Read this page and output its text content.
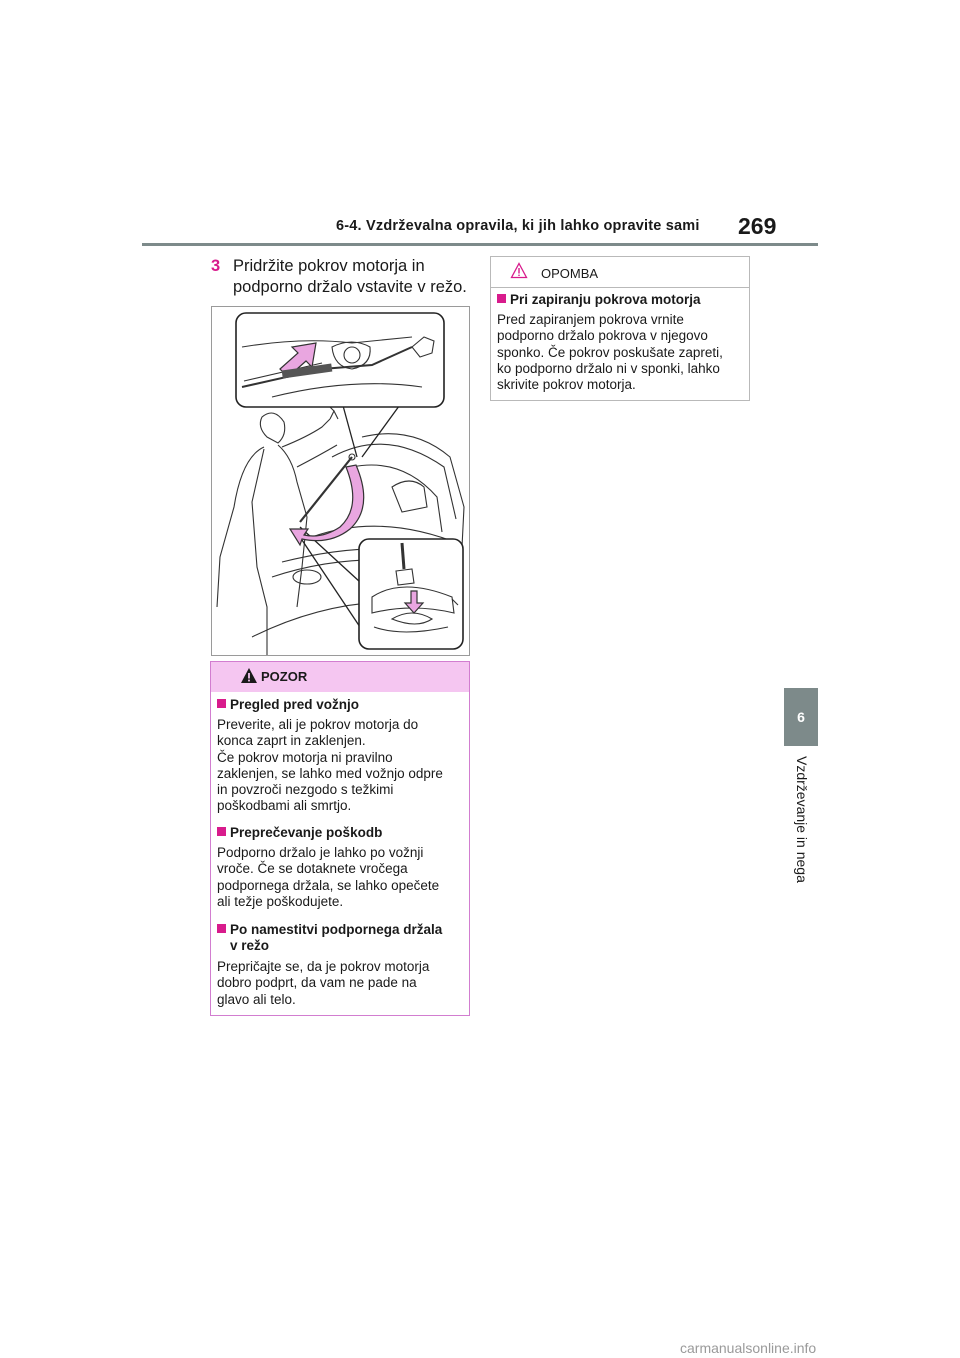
6-4. Vzdrževalna opravila, ki jih lahko opravite sami 269
6
Vzdrževanje in nega
3 Pridržite pokrov motorja in podporno držalo vstavite v režo.
POZOR
Pregled pred vožnjo
Preverite, ali je pokrov motorja do
konca zaprt in zaklenjen.
Če pokrov motorja ni pravilno
zaklenjen, se lahko med vožnjo odpre
in povzroči nezgodo s težkimi
poškodbami ali smrtjo.
Preprečevanje poškodb
Podporno držalo je lahko po vožnji
vroče. Če se dotaknete vročega
podpornega držala, se lahko opečete
ali težje poškodujete.
Po namestitvi podpornega držala
v režo
Prepričajte se, da je pokrov motorja
dobro podprt, da vam ne pade na
glavo ali telo.
OPOMBA
Pri zapiranju pokrova motorja
Pred zapiranjem pokrova vrnite
podporno držalo pokrova v njegovo
sponko. Če pokrov poskušate zapreti,
ko podporno držalo ni v sponki, lahko
skrivite pokrov motorja.
carmanualsonline.info
